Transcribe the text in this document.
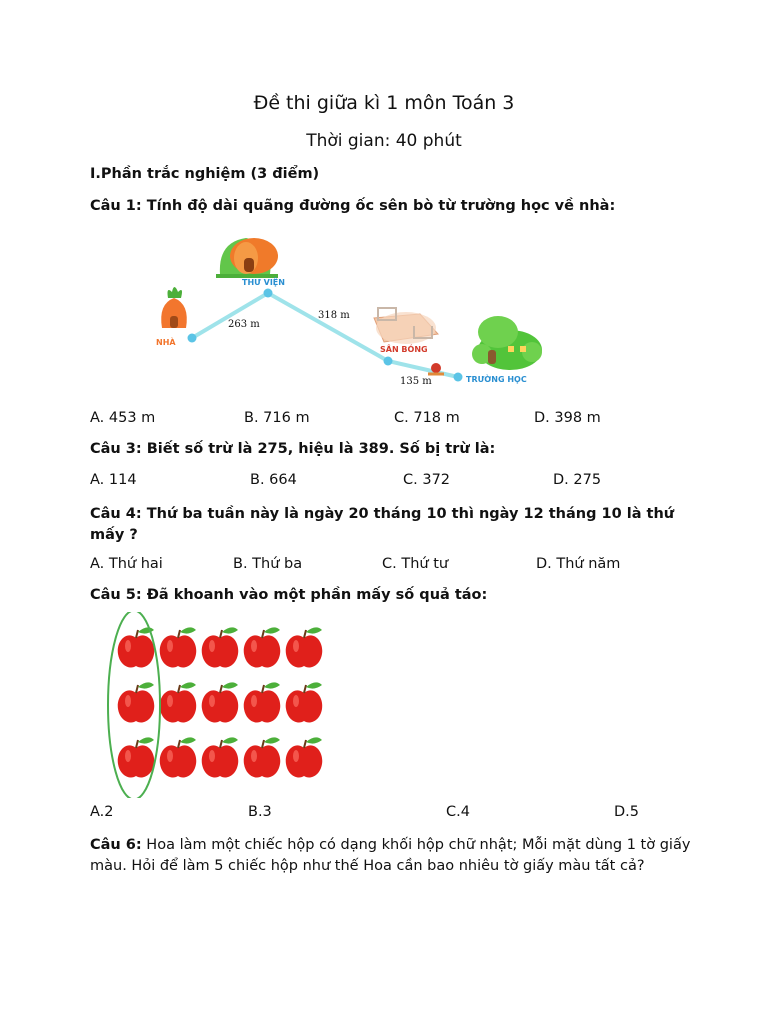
Đề thi giữa kì 1 môn Toán 3
Thời gian: 40 phút
I.Phần trắc nghiệm (3 điểm)
Câu 1: Tính độ dài quãng đường ốc sên bò từ trường học về nhà:
NHÀ
THƯ VIỆN
SÂN BÓNG
TRƯỜNG HỌC
263 m
318 m
135 m
A. 453 m	B. 716 m	C. 718 m	D. 398 m
Câu 3: Biết số trừ là 275, hiệu là 389. Số bị trừ là:
A. 114	B. 664	C. 372	D. 275
Câu 4: Thứ ba tuần này là ngày 20 tháng 10 thì ngày 12 tháng 10 là thứ mấy ?
A. Thứ hai	B. Thứ ba	C. Thứ tư	D. Thứ năm
Câu 5: Đã khoanh vào một phần mấy số quả táo:
A.2	B.3	C.4	D.5
Câu 6: Hoa làm một chiếc hộp có dạng khối hộp chữ nhật; Mỗi mặt dùng 1 tờ giấy màu. Hỏi để làm 5 chiếc hộp như thế Hoa cần bao nhiêu tờ giấy màu tất cả?
